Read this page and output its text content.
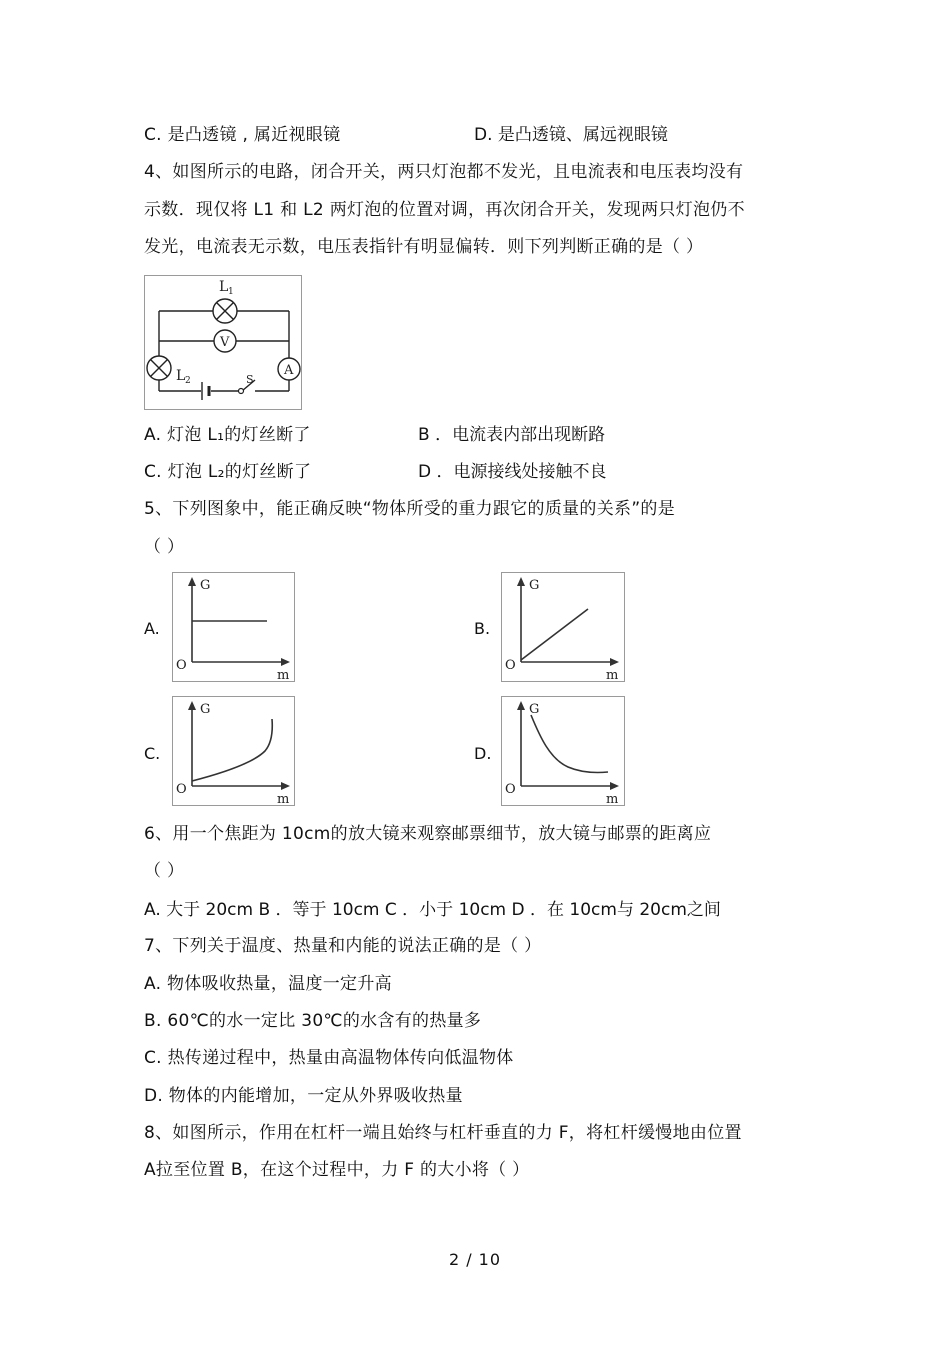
C. 是凸透镜 , 属近视眼镜	D. 是凸透镜、属远视眼镜
4、如图所示的电路，闭合开关，两只灯泡都不发光，且电流表和电压表均没有
示数．现仅将 L1 和 L2 两灯泡的位置对调，再次闭合开关，发现两只灯泡仍不
发光，电流表无示数，电压表指针有明显偏转．则下列判断正确的是（ ）
L 1
V
L 2
A
S
A. 灯泡 L₁的灯丝断了	B ．电流表内部出现断路
C. 灯泡 L₂的灯丝断了	D ．电源接线处接触不良
5、下列图象中，能正确反映“物体所受的重力跟它的质量的关系”的是
（ ）
A.	B.
C.	D.
G
m
O
G
m
O
G
m
O
G
m
O
6、用一个焦距为 10cm的放大镜来观察邮票细节，放大镜与邮票的距离应
（ ）
A. 大于 20cm B ．等于 10cm C ．小于 10cm D ．在 10cm与 20cm之间
7、下列关于温度、热量和内能的说法正确的是（ ）
A. 物体吸收热量，温度一定升高
B. 60℃的水一定比 30℃的水含有的热量多
C. 热传递过程中，热量由高温物体传向低温物体
D. 物体的内能增加，一定从外界吸收热量
8、如图所示，作用在杠杆一端且始终与杠杆垂直的力 F，将杠杆缓慢地由位置
A拉至位置 B，在这个过程中，力 F 的大小将（ ）
2 / 10
